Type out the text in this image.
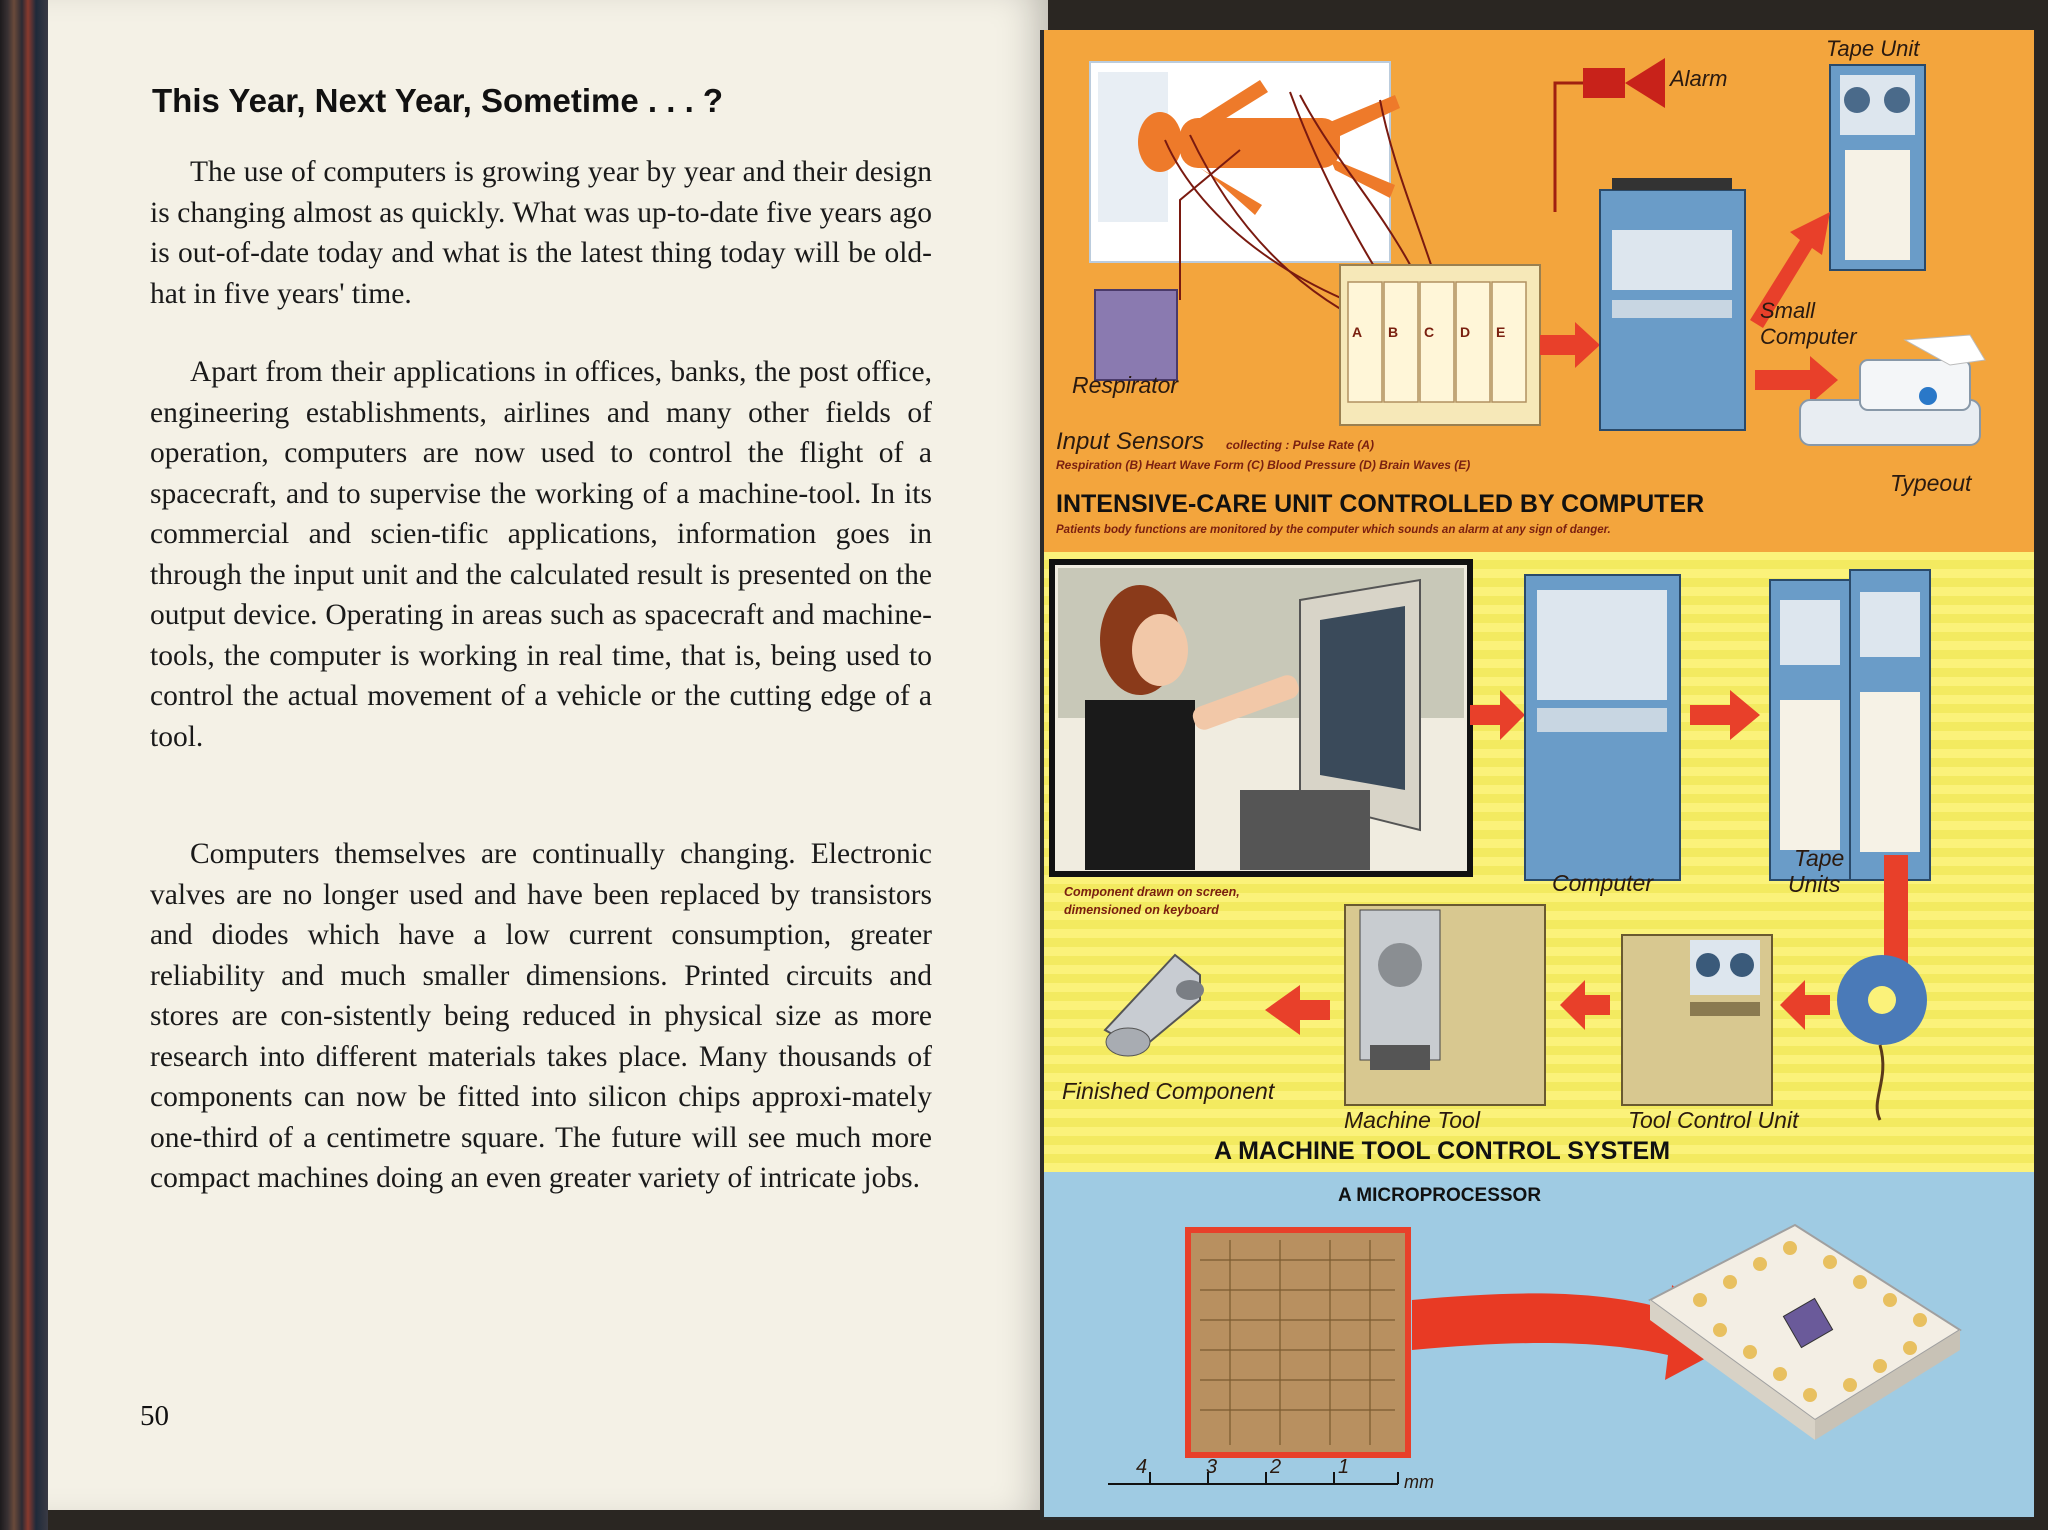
This Year, Next Year, Sometime . . . ?

The use of computers is growing year by year and their design is changing almost as quickly. What was up-to-date five years ago is out-of-date today and what is the latest thing today will be old-hat in five years' time.

Apart from their applications in offices, banks, the post office, engineering establishments, airlines and many other fields of operation, computers are now used to control the flight of a spacecraft, and to supervise the working of a machine-tool. In its commercial and scien-tific applications, information goes in through the input unit and the calculated result is presented on the output device. Operating in areas such as spacecraft and machine-tools, the computer is working in real time, that is, being used to control the actual movement of a vehicle or the cutting edge of a tool.

Computers themselves are continually changing. Electronic valves are no longer used and have been replaced by transistors and diodes which have a low current consumption, greater reliability and much smaller dimensions. Printed circuits and stores are con-sistently being reduced in physical size as more research into different materials takes place. Many thousands of components can now be fitted into silicon chips approxi-mately one-third of a centimetre square. The future will see much more compact machines doing an even greater variety of intricate jobs.

50
Alarm
Tape Unit
Small
Computer
Respirator
Typeout
Input Sensors collecting : Pulse Rate (A)
Respiration (B) Heart Wave Form (C) Blood Pressure (D) Brain Waves (E)
A B C D E
INTENSIVE-CARE UNIT CONTROLLED BY COMPUTER
Patients body functions are monitored by the computer which sounds an alarm at any sign of danger.
Component drawn on screen,
dimensioned on keyboard
Computer
Tape
Units
Finished Component
Machine Tool	Tool Control Unit
A MACHINE TOOL CONTROL SYSTEM
A MICROPROCESSOR
4	3	2	1
mm
